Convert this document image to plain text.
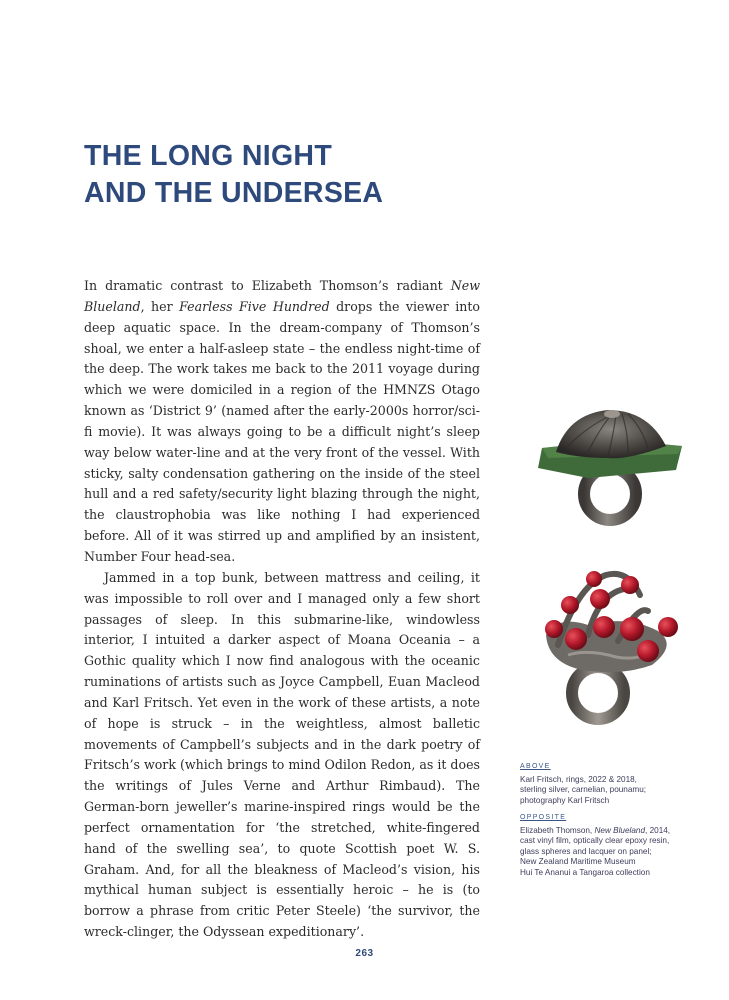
THE LONG NIGHT
AND THE UNDERSEA

In dramatic contrast to Elizabeth Thomson’s radiant New Blueland, her Fearless Five Hundred drops the viewer into deep aquatic space. In the dream-company of Thomson’s shoal, we enter a half-asleep state – the endless night-time of the deep. The work takes me back to the 2011 voyage during which we were domiciled in a region of the HMNZS Otago known as ‘District 9’ (named after the early-2000s horror/sci-fi movie). It was always going to be a difficult night’s sleep way below water-line and at the very front of the vessel. With sticky, salty condensation gathering on the inside of the steel hull and a red safety/security light blazing through the night, the claustrophobia was like nothing I had experienced before. All of it was stirred up and amplified by an insistent, Number Four head-sea.

Jammed in a top bunk, between mattress and ceiling, it was impossible to roll over and I managed only a few short passages of sleep. In this submarine-like, windowless interior, I intuited a darker aspect of Moana Oceania – a Gothic quality which I now find analogous with the oceanic ruminations of artists such as Joyce Campbell, Euan Macleod and Karl Fritsch. Yet even in the work of these artists, a note of hope is struck – in the weightless, almost balletic movements of Campbell’s subjects and in the dark poetry of Fritsch’s work (which brings to mind Odilon Redon, as it does the writings of Jules Verne and Arthur Rimbaud). The German-born jeweller’s marine-inspired rings would be the perfect ornamentation for ‘the stretched, white-fingered hand of the swelling sea’, to quote Scottish poet W. S. Graham. And, for all the bleakness of Macleod’s vision, his mythical human subject is essentially heroic – he is (to borrow a phrase from critic Peter Steele) ‘the survivor, the wreck-clinger, the Odyssean expeditionary’.

ABOVE
Karl Fritsch, rings, 2022 & 2018,
sterling silver, carnelian, pounamu;
photography Karl Fritsch
OPPOSITE
Elizabeth Thomson, New Blueland, 2014,
cast vinyl film, optically clear epoxy resin,
glass spheres and lacquer on panel;
New Zealand Maritime Museum
Hui Te Ananui a Tangaroa collection
263
